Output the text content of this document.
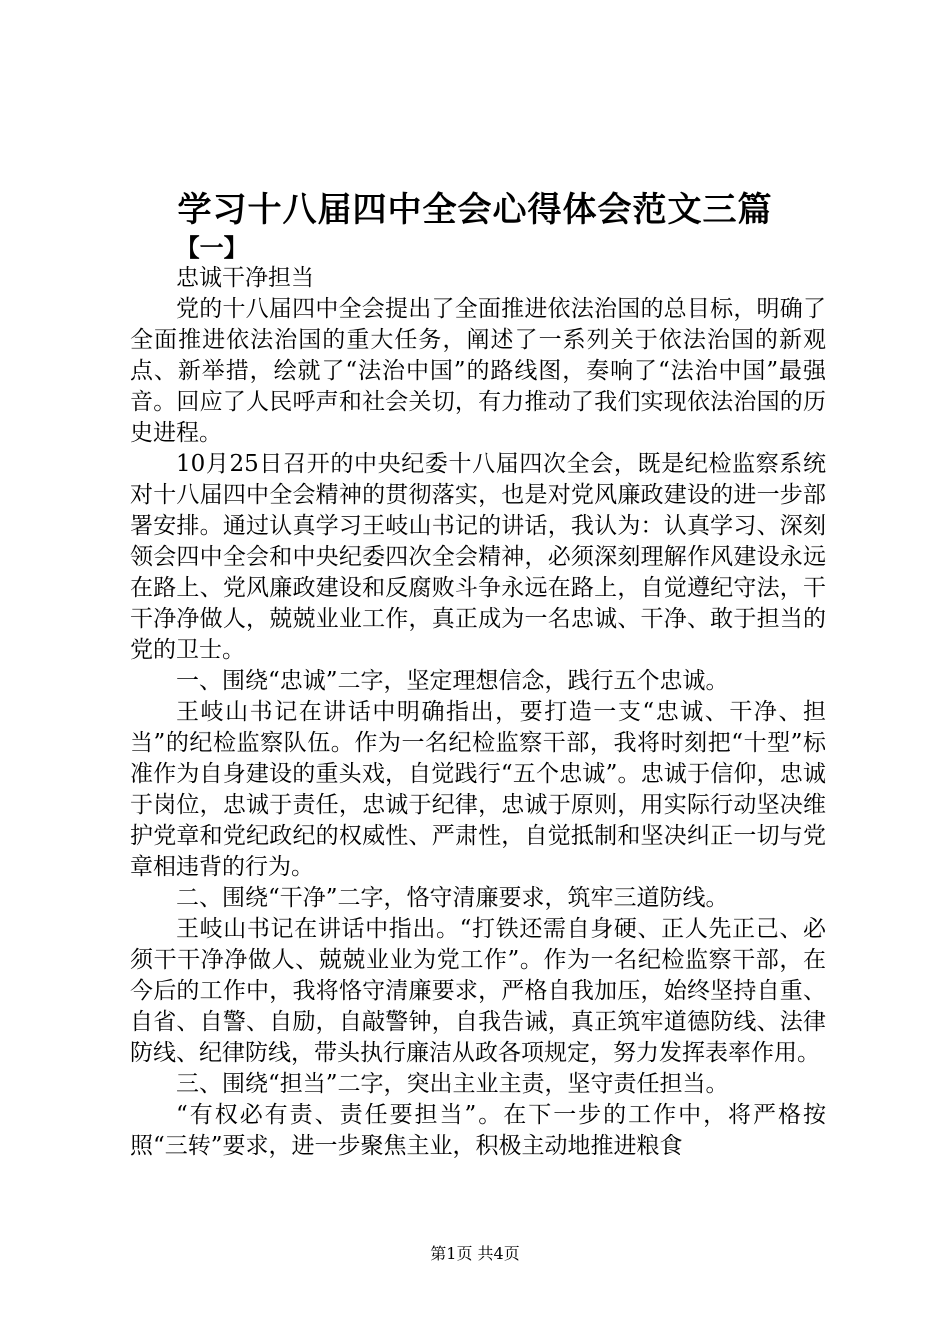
学习十八届四中全会心得体会范文三篇

【一】

忠诚干净担当

党的十八届四中全会提出了全面推进依法治国的总目标，明确了全面推进依法治国的重大任务，阐述了一系列关于依法治国的新观点、新举措，绘就了“法治中国”的路线图，奏响了“法治中国”最强音。回应了人民呼声和社会关切，有力推动了我们实现依法治国的历史进程。

10月25日召开的中央纪委十八届四次全会，既是纪检监察系统对十八届四中全会精神的贯彻落实，也是对党风廉政建设的进一步部署安排。通过认真学习王岐山书记的讲话，我认为：认真学习、深刻领会四中全会和中央纪委四次全会精神，必须深刻理解作风建设永远在路上、党风廉政建设和反腐败斗争永远在路上，自觉遵纪守法，干干净净做人，兢兢业业工作，真正成为一名忠诚、干净、敢于担当的党的卫士。

一、围绕“忠诚”二字，坚定理想信念，践行五个忠诚。

王岐山书记在讲话中明确指出，要打造一支“忠诚、干净、担当”的纪检监察队伍。作为一名纪检监察干部，我将时刻把“十型”标准作为自身建设的重头戏，自觉践行“五个忠诚”。忠诚于信仰，忠诚于岗位，忠诚于责任，忠诚于纪律，忠诚于原则，用实际行动坚决维护党章和党纪政纪的权威性、严肃性，自觉抵制和坚决纠正一切与党章相违背的行为。

二、围绕“干净”二字，恪守清廉要求，筑牢三道防线。

王岐山书记在讲话中指出。“打铁还需自身硬、正人先正己、必须干干净净做人、兢兢业业为党工作”。作为一名纪检监察干部，在今后的工作中，我将恪守清廉要求，严格自我加压，始终坚持自重、自省、自警、自励，自敲警钟，自我告诫，真正筑牢道德防线、法律防线、纪律防线，带头执行廉洁从政各项规定，努力发挥表率作用。

三、围绕“担当”二字，突出主业主责，坚守责任担当。

“有权必有责、责任要担当”。在下一步的工作中，将严格按照“三转”要求，进一步聚焦主业，积极主动地推进粮食

第1页 共4页
